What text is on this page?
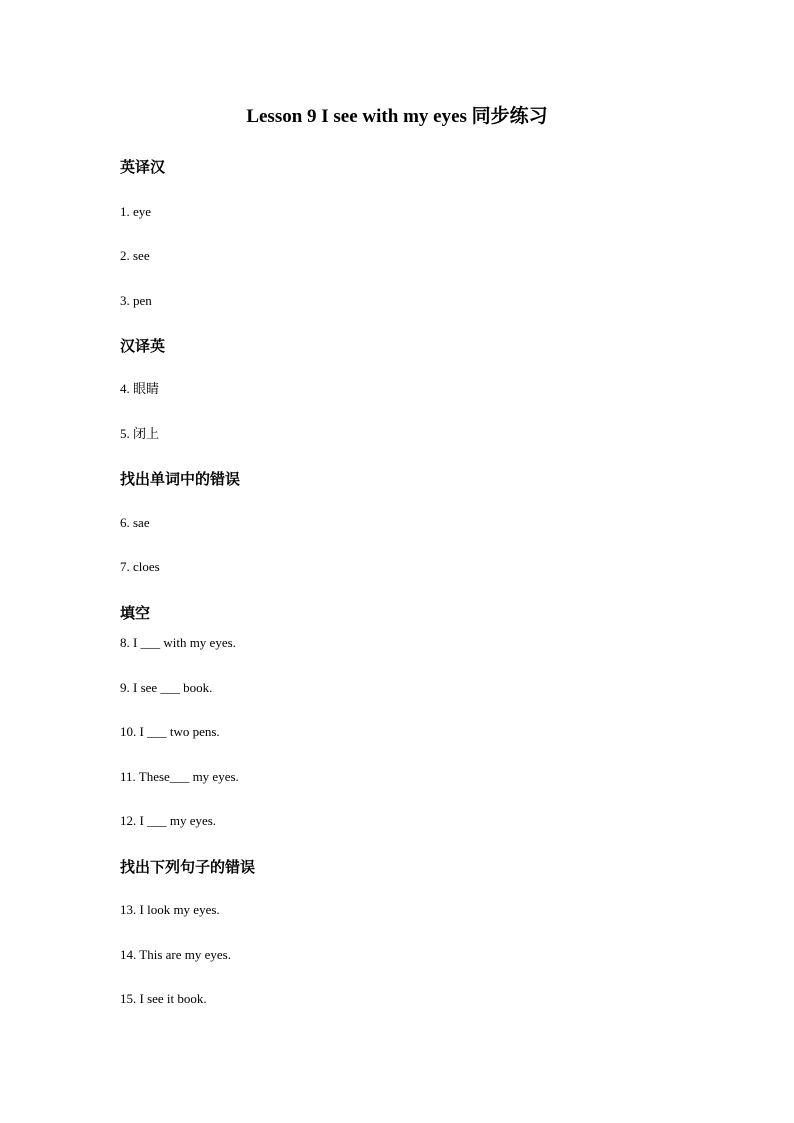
Lesson 9 I see with my eyes 同步练习
英译汉
1. eye
2. see
3. pen
汉译英
4. 眼睛
5. 闭上
找出单词中的错误
6. sae
7. cloes
填空
8. I ___ with my eyes.
9. I see ___ book.
10. I ___ two pens.
11. These___ my eyes.
12. I ___ my eyes.
找出下列句子的错误
13. I look my eyes.
14. This are my eyes.
15. I see it book.
